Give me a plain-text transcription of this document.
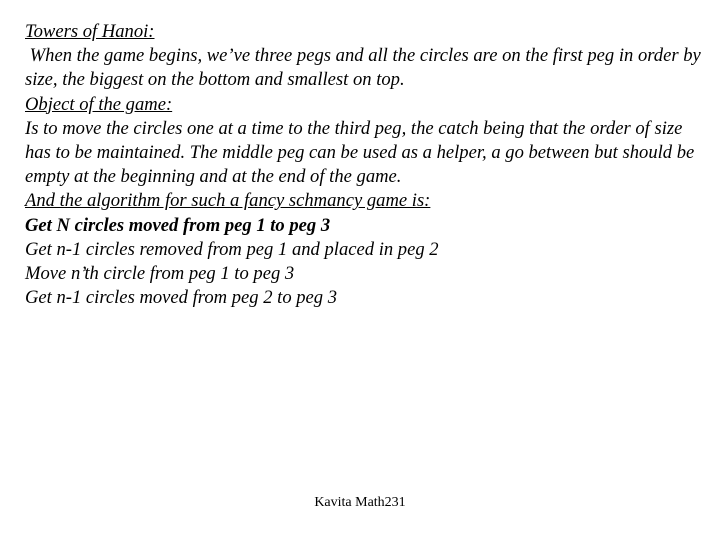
Towers of Hanoi:
When the game begins, we’ve three pegs and all the circles are on the first peg in order by size, the biggest on the bottom and smallest on top.
Object of the game:
Is to move the circles one at a time to the third peg, the catch being that the order of size has to be maintained. The middle peg can be used as a helper, a go between but should be empty at the beginning and at the end of the game.
And the algorithm for such a fancy schmancy game is:
Get N circles moved from peg 1 to peg 3
Get n-1 circles removed from peg 1 and placed in peg 2
Move n’th circle from peg 1 to peg 3
Get n-1 circles moved from peg 2 to peg 3
Kavita Math231
